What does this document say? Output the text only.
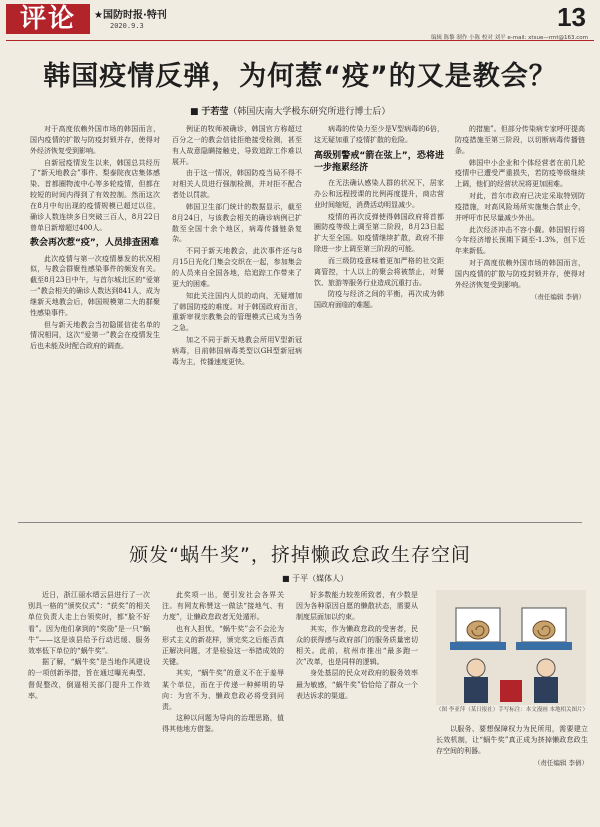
评论	★国防时报·特刊
2020.9.3	13
编辑 陈黎 制作 小陈 校对 刘平 e-mail: xtsue—rmt@163.com
韩国疫情反弹，为何惹“疫”的又是教会？
■ 于若莹（韩国庆南大学极东研究所进行博士后）

对于高度依赖外国市场的韩国而言，国内疫情的扩散与防疫封锁并存，使得对外经济恢复受到影响。

自新冠疫情发生以来，韩国总共经历了“新天地教会”事件、梨泰院夜店集体感染、首都圈物流中心等多轮疫情，但都在较短的时间内得到了有效控制。然而这次在8月中旬出现的疫情规模已超过以往，确诊人数连续多日突破三百人，8月22日曾单日新增超过400人。

教会再次惹“疫”，人员排查困难

此次疫情与第一次疫情暴发的状况相似，与教会群聚性感染事件的频发有关。截至8月23日中午，与首尔城北区的“爱第一”教会相关的确诊人数达到841人，成为继新天地教会后，韩国规模第二大的群聚性感染事件。

但与新天地教会当初隐匿信徒名单的情况相同，这次“爱第一”教会在疫情发生后也未能及时配合政府的调查。

例证的牧师被确诊，韩国官方称超过百分之一的教会信徒拒绝接受检测，甚至有人故意隐瞒接触史，导致追踪工作难以展开。

由于这一情况，韩国防疫当局不得不对相关人员进行强制检测，并对拒不配合者处以罚款。

韩国卫生部门统计的数据显示，截至8月24日，与该教会相关的确诊病例已扩散至全国十余个地区，病毒传播链条复杂。

不同于新天地教会，此次事件还与8月15日光化门集会交织在一起，参加集会的人员来自全国各地，给追踪工作带来了更大的困难。

知此关注国内人员的动向，无疑增加了韩国防疫的难度。对于韩国政府而言，重新审视宗教集会的管理模式已成为当务之急。

加之不同于新天地教会所用V型新冠病毒，目前韩国病毒类型以GH型新冠病毒为主，传播速度更快。

病毒的传染力至少是V型病毒的6倍，这无疑加重了疫情扩散的危险。

高级别警戒“箭在弦上”，恐将进一步拖累经济

在无法确认感染人群的状况下，居家办公和远程授课的比例再度提升，商店营业时间缩短，消费活动明显减少。

疫情的再次反弹使得韩国政府将首都圈防疫等级上调至第二阶段，8月23日起扩大至全国。如疫情继续扩散，政府不排除进一步上调至第三阶段的可能。

而三级防疫意味着更加严格的社交距离管控，十人以上的聚会将被禁止，对餐饮、旅游等服务行业造成沉重打击。

防疫与经济之间的平衡，再次成为韩国政府面临的难题。

的措施”。但部分传染病专家呼吁提高防疫措施至第三阶段，以切断病毒传播链条。

韩国中小企业和个体经营者在前几轮疫情中已遭受严重损失，若防疫等级继续上调，他们的经营状况将更加困难。

对此，首尔市政府已决定采取特别防疫措施，对高风险场所实施集合禁止令，并呼吁市民尽量减少外出。

此次经济冲击不容小觑。韩国银行将今年经济增长预期下调至-1.3%，创下近年来新低。

对于高度依赖外国市场的韩国而言，国内疫情的扩散与防疫封锁并存，使得对外经济恢复受到影响。

（责任编辑 李倩）

颁发“蜗牛奖”，挤掉懒政怠政生存空间
■ 于平（媒体人）

近日，浙江丽水缙云县进行了一次别具一格的“颁奖仪式”：“获奖”的相关单位负责人走上台领奖时，都“脸不好看”。因为他们拿到的“奖励”是一只“蜗牛”——这是该县给予行动迟缓、服务效率低下单位的“蜗牛奖”。

据了解，“蜗牛奖”是当地作风建设的一项创新举措，旨在通过曝光典型、督促整改，倒逼相关部门提升工作效率。

此奖项一出，便引发社会各界关注。有网友称赞这一做法“接地气、有力度”，让懒政怠政者无处遁形。

也有人担忧，“蜗牛奖”会不会沦为形式主义的新花样，颁完奖之后能否真正解决问题，才是检验这一举措成效的关键。

其实，“蜗牛奖”的意义不在于羞辱某个单位，而在于传递一种鲜明的导向：为官不为、懒政怠政必将受到问责。

这种以问题为导向的治理思路，值得其他地方借鉴。

好多数能力较差所致者，有少数是因为各种原因自愿的懒散状态，需要从制度层面加以约束。

其实，作为懒政怠政的受害者，民众的获得感与政府部门的服务质量密切相关。此前，杭州市推出“最多跑一次”改革，也是同样的逻辑。

身处基层的民众对政府的服务效率最为敏感，“蜗牛奖”恰恰给了群众一个表达诉求的渠道。

（图 李亚萍（某日报社）手写标注：本文漫画 本地相关图片）

以服务、要想保障权力为民所用，需要建立长效机制，让“蜗牛奖”真正成为挤掉懒政怠政生存空间的利器。

（责任编辑 李倩）
